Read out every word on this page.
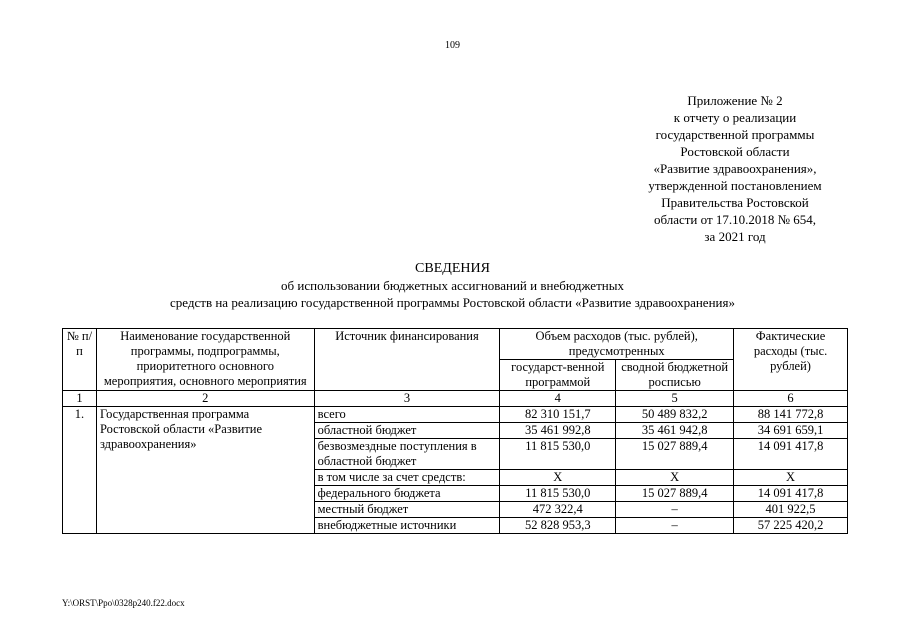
109
Приложение № 2
к отчету о реализации
государственной программы
Ростовской области
«Развитие здравоохранения»,
утвержденной постановлением
Правительства Ростовской
области от 17.10.2018 № 654,
за 2021 год
СВЕДЕНИЯ
об использовании бюджетных ассигнований и внебюджетных
средств на реализацию государственной программы Ростовской области «Развитие здравоохранения»
№ п/п	Наименование государственной программы, подпрограммы, приоритетного основного мероприятия, основного мероприятия	Источник финансирования	Объем расходов (тыс. рублей), предусмотренных		Фактические расходы (тыс. рублей)
			государст-венной программой	сводной бюджетной росписью	
1	2	3	4	5	6
1.	Государственная программа Ростовской области «Развитие здравоохранения»	всего	82 310 151,7	50 489 832,2	88 141 772,8
		областной бюджет	35 461 992,8	35 461 942,8	34 691 659,1
		безвозмездные поступления в областной бюджет	11 815 530,0	15 027 889,4	14 091 417,8
		в том числе за счет средств:	Х	Х	Х
		федерального бюджета	11 815 530,0	15 027 889,4	14 091 417,8
		местный бюджет	472 322,4	–	401 922,5
		внебюджетные источники	52 828 953,3	–	57 225 420,2
Y:\ORST\Ppo\0328p240.f22.docx
